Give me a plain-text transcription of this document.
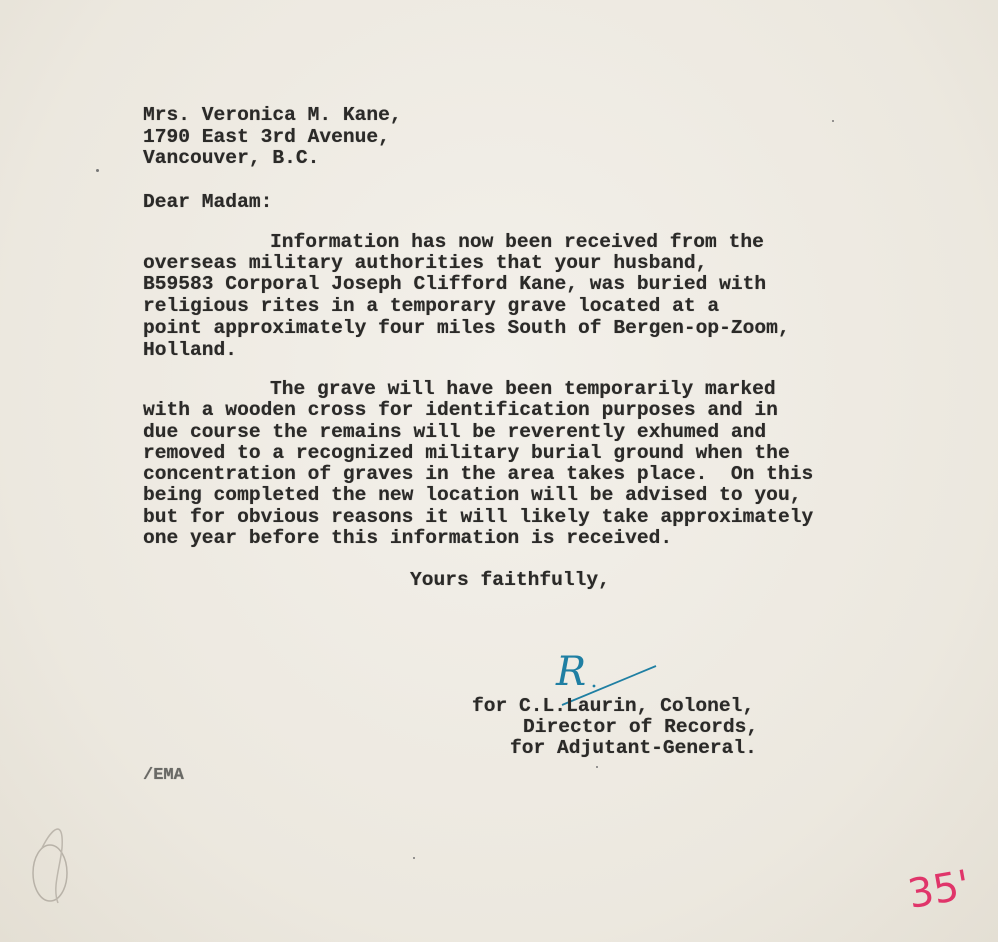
Mrs. Veronica M. Kane,
1790 East 3rd Avenue,
Vancouver, B.C.
Dear Madam:
Information has now been received from the
overseas military authorities that your husband,
B59583 Corporal Joseph Clifford Kane, was buried with
religious rites in a temporary grave located at a
point approximately four miles South of Bergen-op-Zoom,
Holland.
The grave will have been temporarily marked
with a wooden cross for identification purposes and in
due course the remains will be reverently exhumed and
removed to a recognized military burial ground when the
concentration of graves in the area takes place.  On this
being completed the new location will be advised to you,
but for obvious reasons it will likely take approximately
one year before this information is received.
Yours faithfully,
R
for C.L.Laurin, Colonel,
Director of Records,
for Adjutant-General.
/EMA
35'
